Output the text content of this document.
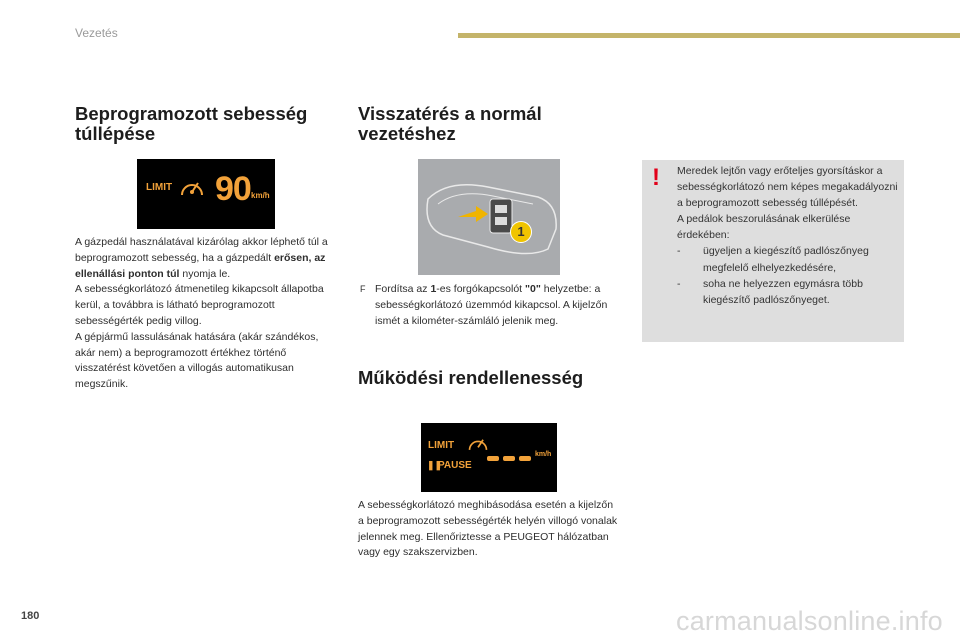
Vezetés
Beprogramozott sebesség
túllépése
LIMIT 90 km/h

A gázpedál használatával kizárólag akkor léphető túl a beprogramozott sebesség, ha a gázpedált erősen, az ellenállási ponton túl nyomja le.

A sebességkorlátozó átmenetileg kikapcsolt állapotba kerül, a továbbra is látható beprogramozott sebességérték pedig villog.

A gépjármű lassulásának hatására (akár szándékos, akár nem) a beprogramozott értékhez történő visszatérést követően a villogás automatikusan megszűnik.

Visszatérés a normál
vezetéshez
1
F Fordítsa az 1-es forgókapcsolót "0" helyzetbe: a sebességkorlátozó üzemmód kikapcsol. A kijelzőn ismét a kilométer-számláló jelenik meg.

Működési rendellenesség
LIMIT
❚❚
PAUSE
km/h
A sebességkorlátozó meghibásodása esetén a kijelzőn a beprogramozott sebességérték helyén villogó vonalak jelennek meg. Ellenőriztesse a PEUGEOT hálózatban vagy egy szakszervizben.
! Meredek lejtőn vagy erőteljes gyorsításkor a sebességkorlátozó nem képes megakadályozni a beprogramozott sebesség túllépését.

A pedálok beszorulásának elkerülése érdekében:

-	ügyeljen a kiegészítő padlószőnyeg megfelelő elhelyezkedésére,
-	soha ne helyezzen egymásra több kiegészítő padlószőnyeget.
180	carmanualsonline.info
